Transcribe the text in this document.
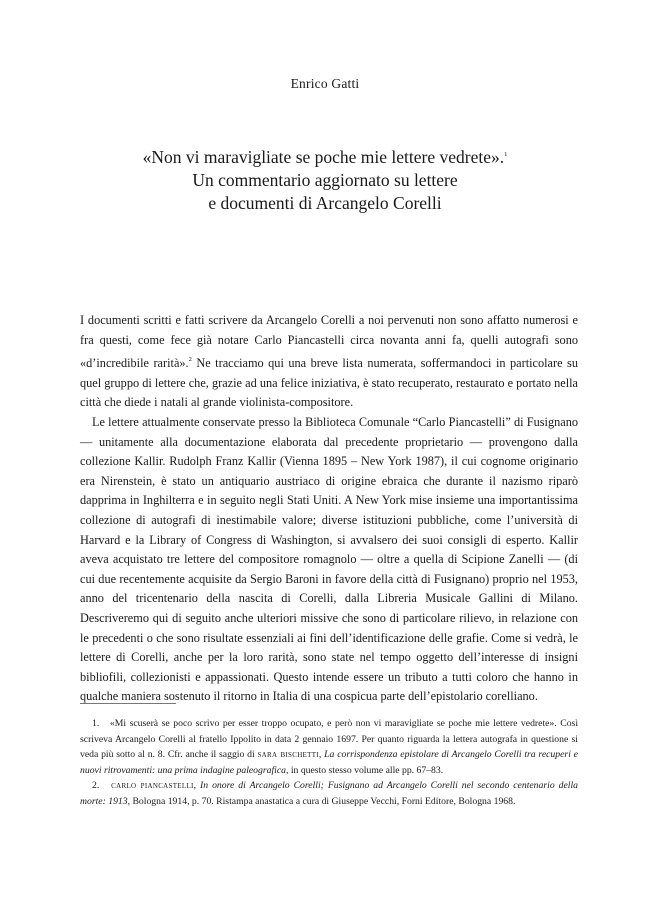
Enrico Gatti
«Non vi maravigliate se poche mie lettere vedrete».$^1$
Un commentario aggiornato su lettere
e documenti di Arcangelo Corelli

I documenti scritti e fatti scrivere da Arcangelo Corelli a noi pervenuti non sono affatto numerosi e fra questi, come fece già notare Carlo Piancastelli circa novanta anni fa, quelli autografi sono «d’incredibile rarità».$^2$ Ne tracciamo qui una breve lista numerata, soffermandoci in particolare su quel gruppo di lettere che, grazie ad una felice iniziativa, è stato recuperato, restaurato e portato nella città che diede i natali al grande violinista-compositore.

Le lettere attualmente conservate presso la Biblioteca Comunale “Carlo Piancastelli” di Fusignano — unitamente alla documentazione elaborata dal precedente proprietario — provengono dalla collezione Kallir. Rudolph Franz Kallir (Vienna 1895 – New York 1987), il cui cognome originario era Nirenstein, è stato un antiquario austriaco di origine ebraica che durante il nazismo riparò dapprima in Inghilterra e in seguito negli Stati Uniti. A New York mise insieme una importantissima collezione di autografi di inestimabile valore; diverse istituzioni pubbliche, come l’università di Harvard e la Library of Congress di Washington, si avvalsero dei suoi consigli di esperto. Kallir aveva acquistato tre lettere del compositore romagnolo — oltre a quella di Scipione Zanelli — (di cui due recentemente acquisite da Sergio Baroni in favore della città di Fusignano) proprio nel 1953, anno del tricentenario della nascita di Corelli, dalla Libreria Musicale Gallini di Milano. Descriveremo qui di seguito anche ulteriori missive che sono di particolare rilievo, in relazione con le precedenti o che sono risultate essenziali ai fini dell’identificazione delle grafie. Come si vedrà, le lettere di Corelli, anche per la loro rarità, sono state nel tempo oggetto dell’interesse di insigni bibliofili, collezionisti e appassionati. Questo intende essere un tributo a tutti coloro che hanno in qualche maniera sostenuto il ritorno in Italia di una cospicua parte dell’epistolario corelliano.

1. «Mi scuserà se poco scrivo per esser troppo ocupato, e però non vi maravigliate se poche mie lettere vedrete». Così scriveva Arcangelo Corelli al fratello Ippolito in data 2 gennaio 1697. Per quanto riguarda la lettera autografa in questione si veda più sotto al n. 8. Cfr. anche il saggio di sara bischetti, La corrispondenza epistolare di Arcangelo Corelli tra recuperi e nuovi ritrovamenti: una prima indagine paleografica, in questo stesso volume alle pp. 67–83.

2. carlo piancastelli, In onore di Arcangelo Corelli; Fusignano ad Arcangelo Corelli nel secondo centenario della morte: 1913, Bologna 1914, p. 70. Ristampa anastatica a cura di Giuseppe Vecchi, Forni Editore, Bologna 1968.
